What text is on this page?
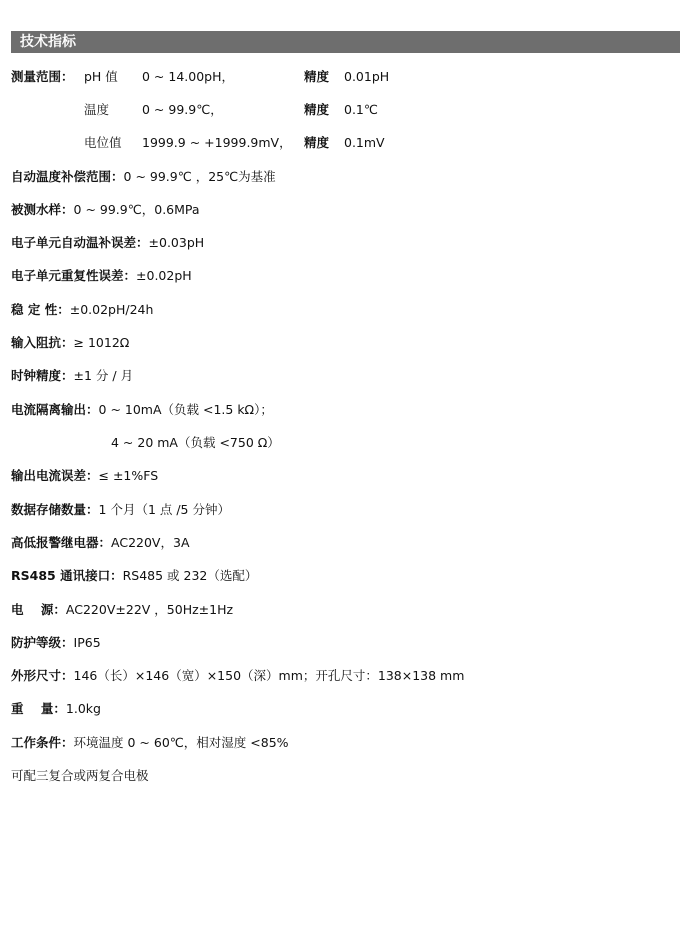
技术指标
测量范围： pH 值 0 ~ 14.00pH，	精度 0.01pH
温度	0 ~ 99.9℃，	精度 0.1℃
电位值 1999.9 ~ +1999.9mV， 精度 0.1mV
自动温度补偿范围：0 ~ 99.9℃ ，25℃为基准
被测水样：0 ~ 99.9℃，0.6MPa
电子单元自动温补误差：±0.03pH
电子单元重复性误差：±0.02pH
稳 定 性：±0.02pH/24h
输入阻抗：≥ 1012Ω
时钟精度：±1 分 / 月
电流隔离输出：0 ~ 10mA（负载 <1.5 kΩ）；
4 ~ 20 mA（负载 <750 Ω）
输出电流误差：≤ ±1%FS
数据存储数量：1 个月（1 点 /5 分钟）
高低报警继电器：AC220V，3A
RS485 通讯接口：RS485 或 232（选配）
电    源：AC220V±22V ，50Hz±1Hz
防护等级：IP65
外形尺寸：146（长）×146（宽）×150（深）mm；开孔尺寸：138×138 mm
重    量：1.0kg
工作条件：环境温度 0 ~ 60℃，相对湿度 <85%
可配三复合或两复合电极
